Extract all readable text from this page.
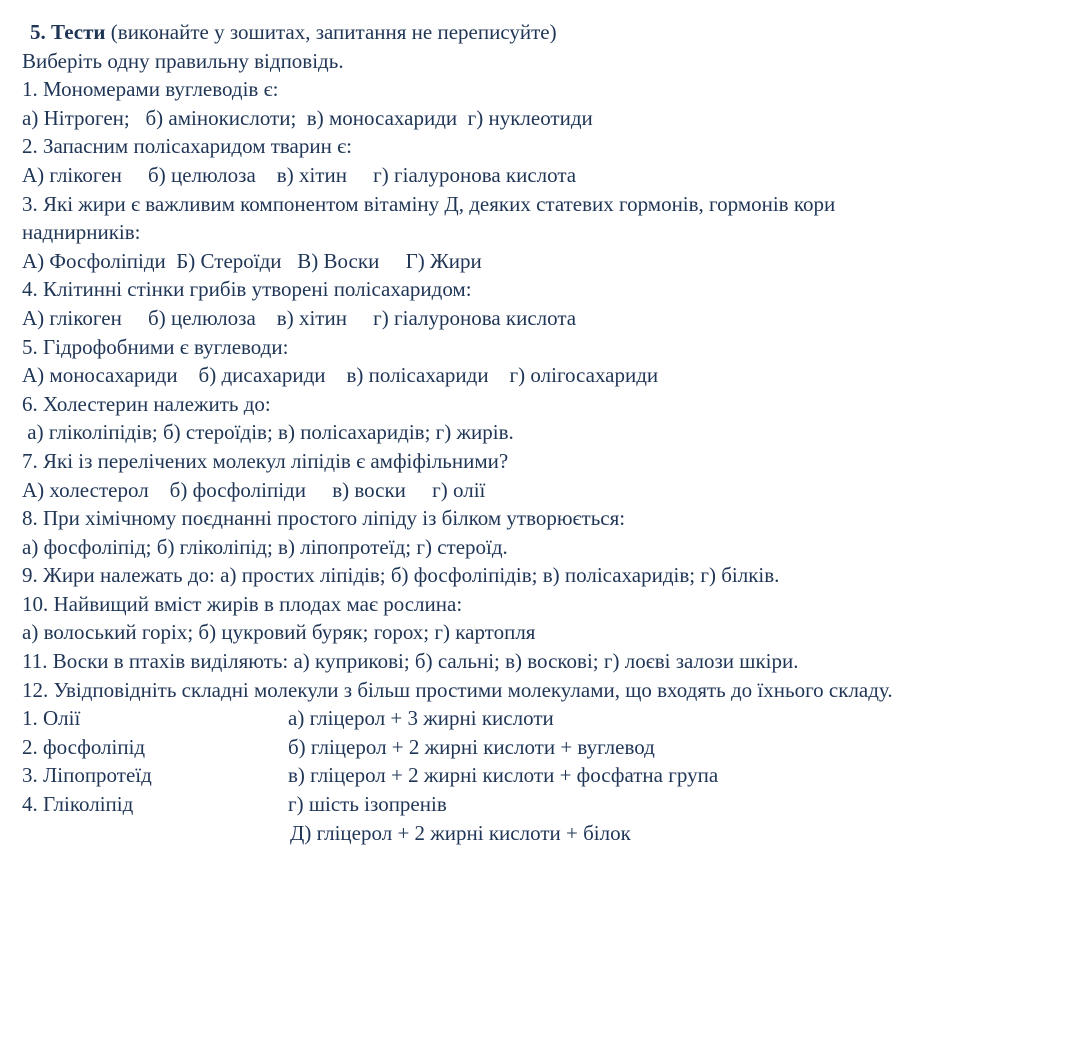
5. Тести (виконайте у зошитах, запитання не переписуйте)
Виберіть одну правильну відповідь.
1. Мономерами вуглеводів є:
а) Нітроген;   б) амінокислоти;  в) моносахариди  г) нуклеотиди
2. Запасним полісахаридом тварин є:
А) глікоген     б) целюлоза    в) хітин     г) гіалуронова кислота
3. Які жири є важливим компонентом вітаміну Д, деяких статевих гормонів, гормонів кори
наднирників:
А) Фосфоліпіди  Б) Стероїди   В) Воски     Г) Жири
4. Клітинні стінки грибів утворені полісахаридом:
А) глікоген     б) целюлоза    в) хітин     г) гіалуронова кислота
5. Гідрофобними є вуглеводи:
А) моносахариди    б) дисахариди    в) полісахариди    г) олігосахариди
6. Холестерин належить до:
а) гліколіпідів; б) стероїдів; в) полісахаридів; г) жирів.
7. Які із перелічених молекул ліпідів є амфіфільними?
А) холестерол    б) фосфоліпіди     в) воски     г) олії
8. При хімічному поєднанні простого ліпіду із білком утворюється:
а) фосфоліпід; б) гліколіпід; в) ліпопротеїд; г) стероїд.
9. Жири належать до: а) простих ліпідів; б) фосфоліпідів; в) полісахаридів; г) білків.
10. Найвищий вміст жирів в плодах має рослина:
а) волоський горіх; б) цукровий буряк; горох; г) картопля
11. Воски в птахів виділяють: а) куприкові; б) сальні; в) воскові; г) лоєві залози шкіри.
12. Увідповідніть складні молекули з більш простими молекулами, що входять до їхнього складу.
1. Олії	а) гліцерол + 3 жирні кислоти
2. фосфоліпід	б) гліцерол + 2 жирні кислоти + вуглевод
3. Ліпопротеїд	в) гліцерол + 2 жирні кислоти + фосфатна група
4. Гліколіпід	г) шість ізопренів
Д) гліцерол + 2 жирні кислоти + білок
